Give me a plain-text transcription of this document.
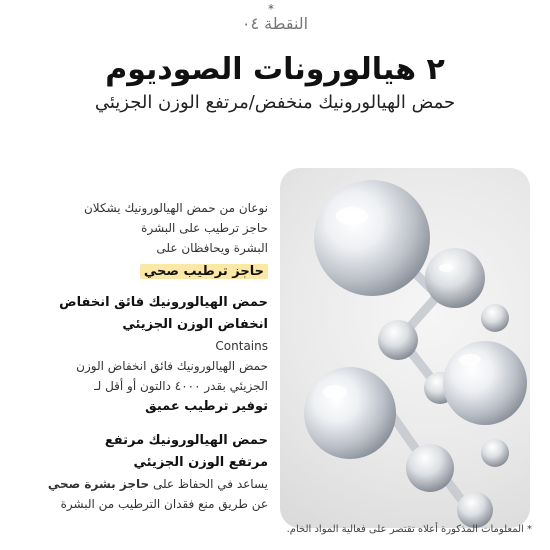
*
النقطة ٠٤
٢ هيالورونات الصوديوم
حمض الهيالورونيك منخفض/مرتفع الوزن الجزيئي
نوعان من حمض الهيالورونيك يشكلان
حاجز ترطيب على البشرة
البشرة ويحافظان على
حاجز ترطيب صحي
حمض الهيالورونيك فائق انخفاض
انخفاض الوزن الجزيئي
Contains
حمض الهيالورونيك فائق انخفاض الوزن
الجزيئي بقدر ٤٠٠٠ دالتون أو أقل لـ
توفير ترطيب عميق
حمض الهيالورونيك مرتفع
مرتفع الوزن الجزيئي
يساعد في الحفاظ على حاجز بشرة صحي
عن طريق منع فقدان الترطيب من البشرة
* المعلومات المذكورة أعلاه تقتصر على فعالية المواد الخام.
